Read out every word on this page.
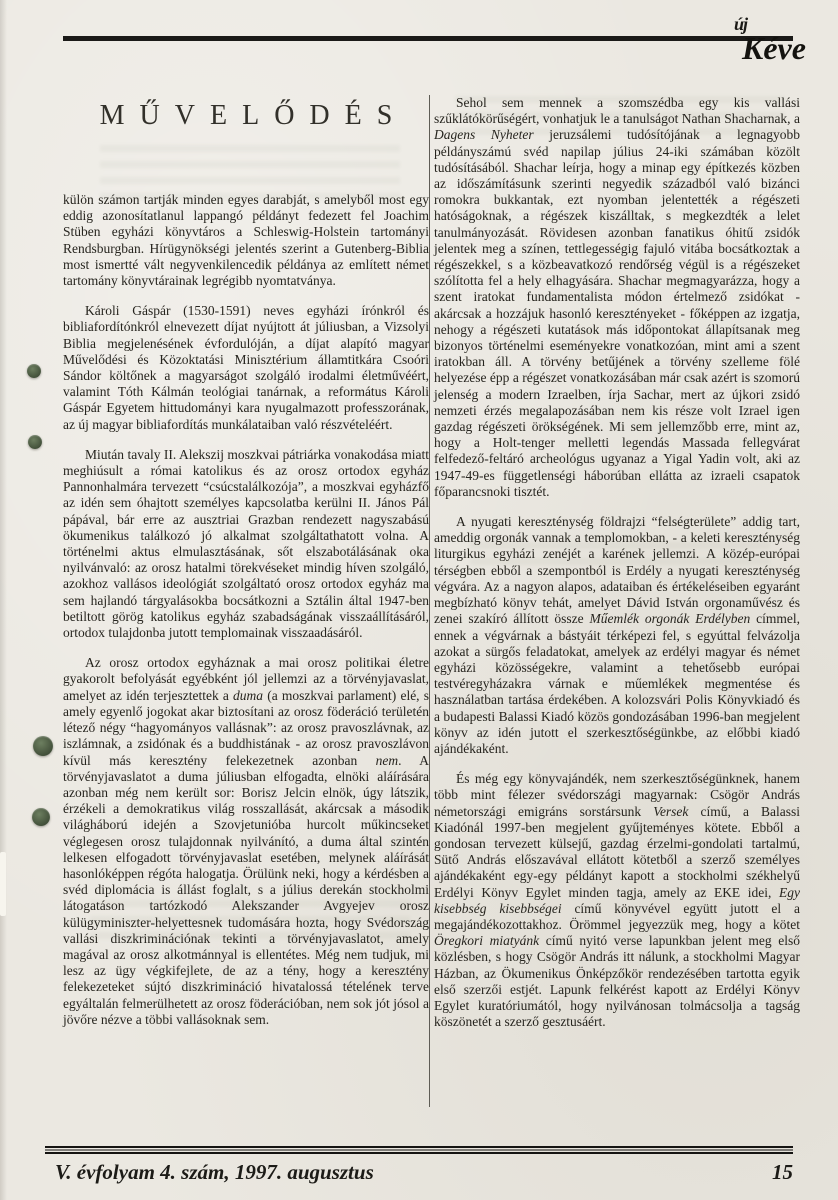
új
Kéve
MŰVELŐDÉS

külön számon tartják minden egyes darabját, s amelyből most egy eddig azonosítatlanul lappangó példányt fedezett fel Joachim Stüben egyházi könyvtáros a Schleswig-Holstein tartományi Rendsburgban. Hírügynökségi jelentés szerint a Gutenberg-Biblia most ismertté vált negyvenkilencedik példánya az említett német tartomány könyvtárainak legrégibb nyomtatványa.

Károli Gáspár (1530-1591) neves egyházi írónkról és bibliafordítónkról elnevezett díjat nyújtott át júliusban, a Vizsolyi Biblia megjelenésének évfordulóján, a díjat alapító magyar Művelődési és Közoktatási Minisztérium államtitkára Csoóri Sándor költőnek a magyarságot szolgáló irodalmi életművéért, valamint Tóth Kálmán teológiai tanárnak, a református Károli Gáspár Egyetem hittudományi kara nyugalmazott professzorának, az új magyar bibliafordítás munkálataiban való részvételéért.

Miután tavaly II. Alekszij moszkvai pátriárka vonakodása miatt meghiúsult a római katolikus és az orosz ortodox egyház Pannonhalmára tervezett “csúcstalálkozója”, a moszkvai egyházfő az idén sem óhajtott személyes kapcsolatba kerülni II. János Pál pápával, bár erre az ausztriai Grazban rendezett nagyszabású ökumenikus találkozó jó alkalmat szolgáltathatott volna. A történelmi aktus elmulasztásának, sőt elszabotálásának oka nyilvánvaló: az orosz hatalmi törekvéseket mindig híven szolgáló, azokhoz vallásos ideológiát szolgáltató orosz ortodox egyház ma sem hajlandó tárgyalásokba bocsátkozni a Sztálin által 1947-ben betiltott görög katolikus egyház szabadságának visszaállításáról, ortodox tulajdonba jutott templomainak visszaadásáról.

Az orosz ortodox egyháznak a mai orosz politikai életre gyakorolt befolyását egyébként jól jellemzi az a törvényjavaslat, amelyet az idén terjesztettek a duma (a moszkvai parlament) elé, s amely egyenlő jogokat akar biztosítani az orosz föderáció területén létező négy “hagyományos vallásnak”: az orosz pravoszlávnak, az iszlámnak, a zsidónak és a buddhistának - az orosz pravoszlávon kívül más keresztény felekezetnek azonban nem. A törvényjavaslatot a duma júliusban elfogadta, elnöki aláírására azonban még nem került sor: Borisz Jelcin elnök, úgy látszik, érzékeli a demokratikus világ rosszallását, akárcsak a második világháború idején a Szovjetunióba hurcolt műkincseket véglegesen orosz tulajdonnak nyilvánító, a duma által szintén lelkesen elfogadott törvényjavaslat esetében, melynek aláírását hasonlóképpen régóta halogatja. Örülünk neki, hogy a kérdésben a svéd diplomácia is állást foglalt, s a július derekán stockholmi látogatáson tartózkodó Alekszander Avgyejev orosz külügyminiszter-helyettesnek tudomására hozta, hogy Svédország vallási diszkriminációnak tekinti a törvényjavaslatot, amely magával az orosz alkotmánnyal is ellentétes. Még nem tudjuk, mi lesz az ügy végkifejlete, de az a tény, hogy a keresztény felekezeteket sújtó diszkrimináció hivatalossá tételének terve egyáltalán felmerülhetett az orosz föderációban, nem sok jót jósol a jövőre nézve a többi vallásoknak sem.

Sehol sem mennek a szomszédba egy kis vallási szűklátókörűségért, vonhatjuk le a tanulságot Nathan Shacharnak, a Dagens Nyheter jeruzsálemi tudósítójának a legnagyobb példányszámú svéd napilap július 24-iki számában közölt tudósításából. Shachar leírja, hogy a minap egy építkezés közben az időszámításunk szerinti negyedik századból való bizánci romokra bukkantak, ezt nyomban jelentették a régészeti hatóságoknak, a régészek kiszálltak, s megkezdték a lelet tanulmányozását. Rövidesen azonban fanatikus óhitű zsidók jelentek meg a színen, tettlegességig fajuló vitába bocsátkoztak a régészekkel, s a közbeavatkozó rendőrség végül is a régészeket szólította fel a hely elhagyására. Shachar megmagyarázza, hogy a szent iratokat fundamentalista módon értelmező zsidókat - akárcsak a hozzájuk hasonló keresztényeket - főképpen az izgatja, nehogy a régészeti kutatások más időpontokat állapítsanak meg bizonyos történelmi eseményekre vonatkozóan, mint ami a szent iratokban áll. A törvény betűjének a törvény szelleme fölé helyezése épp a régészet vonatkozásában már csak azért is szomorú jelenség a modern Izraelben, írja Sachar, mert az újkori zsidó nemzeti érzés megalapozásában nem kis része volt Izrael igen gazdag régészeti örökségének. Mi sem jellemzőbb erre, mint az, hogy a Holt-tenger melletti legendás Massada fellegvárat felfedező-feltáró archeológus ugyanaz a Yigal Yadin volt, aki az 1947-49-es függetlenségi háborúban ellátta az izraeli csapatok főparancsnoki tisztét.

A nyugati kereszténység földrajzi “felségterülete” addig tart, ameddig orgonák vannak a templomokban, - a keleti kereszténység liturgikus egyházi zenéjét a karének jellemzi. A közép-európai térségben ebből a szempontból is Erdély a nyugati kereszténység végvára. Az a nagyon alapos, adataiban és értékeléseiben egyaránt megbízható könyv tehát, amelyet Dávid István orgonaművész és zenei szakíró állított össze Műemlék orgonák Erdélyben címmel, ennek a végvárnak a bástyáit térképezi fel, s egyúttal felvázolja azokat a sürgős feladatokat, amelyek az erdélyi magyar és német egyházi közösségekre, valamint a tehetősebb európai testvéregyházakra várnak e műemlékek megmentése és használatban tartása érdekében. A kolozsvári Polis Könyvkiadó és a budapesti Balassi Kiadó közös gondozásában 1996-ban megjelent könyv az idén jutott el szerkesztőségünkbe, az előbbi kiadó ajándékaként.

És még egy könyvajándék, nem szerkesztőségünknek, hanem több mint félezer svédországi magyarnak: Csögör András németországi emigráns sorstársunk Versek című, a Balassi Kiadónál 1997-ben megjelent gyűjteményes kötete. Ebből a gondosan tervezett külsejű, gazdag érzelmi-gondolati tartalmú, Sütő András előszavával ellátott kötetből a szerző személyes ajándékaként egy-egy példányt kapott a stockholmi székhelyű Erdélyi Könyv Egylet minden tagja, amely az EKE idei, Egy kisebbség kisebbségei című könyvével együtt jutott el a megajándékozottakhoz. Örömmel jegyezzük meg, hogy a kötet Öregkori miatyánk című nyitó verse lapunkban jelent meg első közlésben, s hogy Csögör András itt nálunk, a stockholmi Magyar Házban, az Ökumenikus Önképzőkör rendezésében tartotta egyik első szerzői estjét. Lapunk felkérést kapott az Erdélyi Könyv Egylet kuratóriumától, hogy nyilvánosan tolmácsolja a tagság köszönetét a szerző gesztusáért.

V. évfolyam 4. szám, 1997. augusztus	15
